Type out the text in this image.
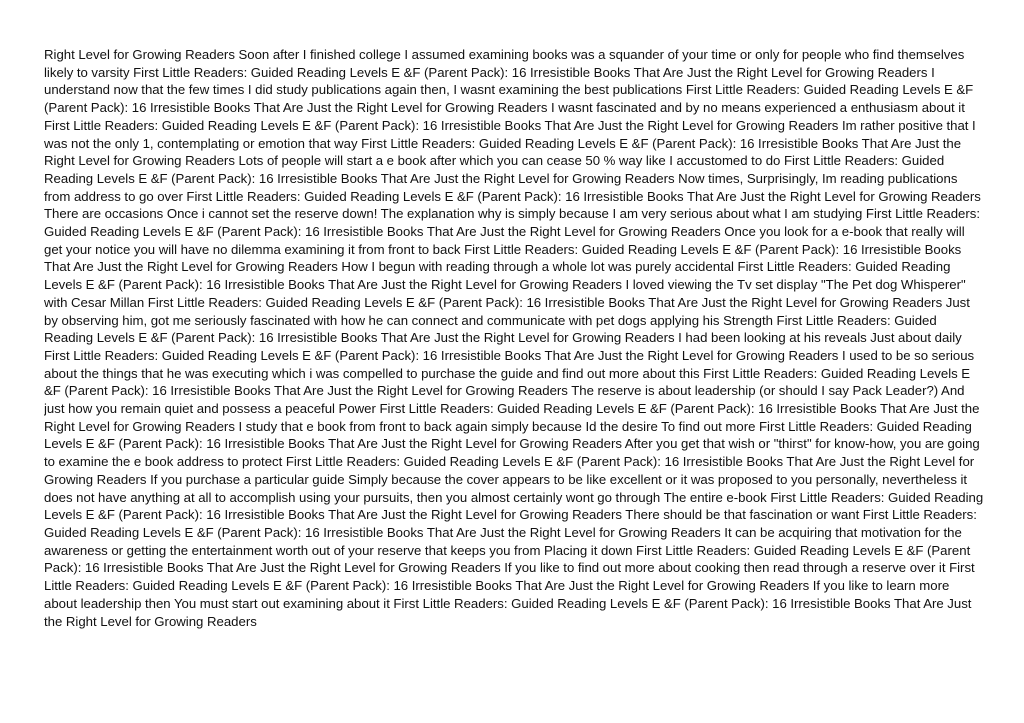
Right Level for Growing Readers Soon after I finished college I assumed examining books was a squander of your time or only for people who find themselves likely to varsity First Little Readers: Guided Reading Levels E &F (Parent Pack): 16 Irresistible Books That Are Just the Right Level for Growing Readers I understand now that the few times I did study publications again then, I wasnt examining the best publications First Little Readers: Guided Reading Levels E &F (Parent Pack): 16 Irresistible Books That Are Just the Right Level for Growing Readers I wasnt fascinated and by no means experienced a enthusiasm about it First Little Readers: Guided Reading Levels E &F (Parent Pack): 16 Irresistible Books That Are Just the Right Level for Growing Readers Im rather positive that I was not the only 1, contemplating or emotion that way First Little Readers: Guided Reading Levels E &F (Parent Pack): 16 Irresistible Books That Are Just the Right Level for Growing Readers Lots of people will start a e book after which you can cease 50 % way like I accustomed to do First Little Readers: Guided Reading Levels E &F (Parent Pack): 16 Irresistible Books That Are Just the Right Level for Growing Readers Now times, Surprisingly, Im reading publications from address to go over First Little Readers: Guided Reading Levels E &F (Parent Pack): 16 Irresistible Books That Are Just the Right Level for Growing Readers There are occasions Once i cannot set the reserve down! The explanation why is simply because I am very serious about what I am studying First Little Readers: Guided Reading Levels E &F (Parent Pack): 16 Irresistible Books That Are Just the Right Level for Growing Readers Once you look for a e-book that really will get your notice you will have no dilemma examining it from front to back First Little Readers: Guided Reading Levels E &F (Parent Pack): 16 Irresistible Books That Are Just the Right Level for Growing Readers How I begun with reading through a whole lot was purely accidental First Little Readers: Guided Reading Levels E &F (Parent Pack): 16 Irresistible Books That Are Just the Right Level for Growing Readers I loved viewing the Tv set display "The Pet dog Whisperer" with Cesar Millan First Little Readers: Guided Reading Levels E &F (Parent Pack): 16 Irresistible Books That Are Just the Right Level for Growing Readers Just by observing him, got me seriously fascinated with how he can connect and communicate with pet dogs applying his Strength First Little Readers: Guided Reading Levels E &F (Parent Pack): 16 Irresistible Books That Are Just the Right Level for Growing Readers I had been looking at his reveals Just about daily First Little Readers: Guided Reading Levels E &F (Parent Pack): 16 Irresistible Books That Are Just the Right Level for Growing Readers I used to be so serious about the things that he was executing which i was compelled to purchase the guide and find out more about this First Little Readers: Guided Reading Levels E &F (Parent Pack): 16 Irresistible Books That Are Just the Right Level for Growing Readers The reserve is about leadership (or should I say Pack Leader?) And just how you remain quiet and possess a peaceful Power First Little Readers: Guided Reading Levels E &F (Parent Pack): 16 Irresistible Books That Are Just the Right Level for Growing Readers I study that e book from front to back again simply because Id the desire To find out more First Little Readers: Guided Reading Levels E &F (Parent Pack): 16 Irresistible Books That Are Just the Right Level for Growing Readers After you get that wish or "thirst" for know-how, you are going to examine the e book address to protect First Little Readers: Guided Reading Levels E &F (Parent Pack): 16 Irresistible Books That Are Just the Right Level for Growing Readers If you purchase a particular guide Simply because the cover appears to be like excellent or it was proposed to you personally, nevertheless it does not have anything at all to accomplish using your pursuits, then you almost certainly wont go through The entire e-book First Little Readers: Guided Reading Levels E &F (Parent Pack): 16 Irresistible Books That Are Just the Right Level for Growing Readers There should be that fascination or want First Little Readers: Guided Reading Levels E &F (Parent Pack): 16 Irresistible Books That Are Just the Right Level for Growing Readers It can be acquiring that motivation for the awareness or getting the entertainment worth out of your reserve that keeps you from Placing it down First Little Readers: Guided Reading Levels E &F (Parent Pack): 16 Irresistible Books That Are Just the Right Level for Growing Readers If you like to find out more about cooking then read through a reserve over it First Little Readers: Guided Reading Levels E &F (Parent Pack): 16 Irresistible Books That Are Just the Right Level for Growing Readers If you like to learn more about leadership then You must start out examining about it First Little Readers: Guided Reading Levels E &F (Parent Pack): 16 Irresistible Books That Are Just the Right Level for Growing Readers
